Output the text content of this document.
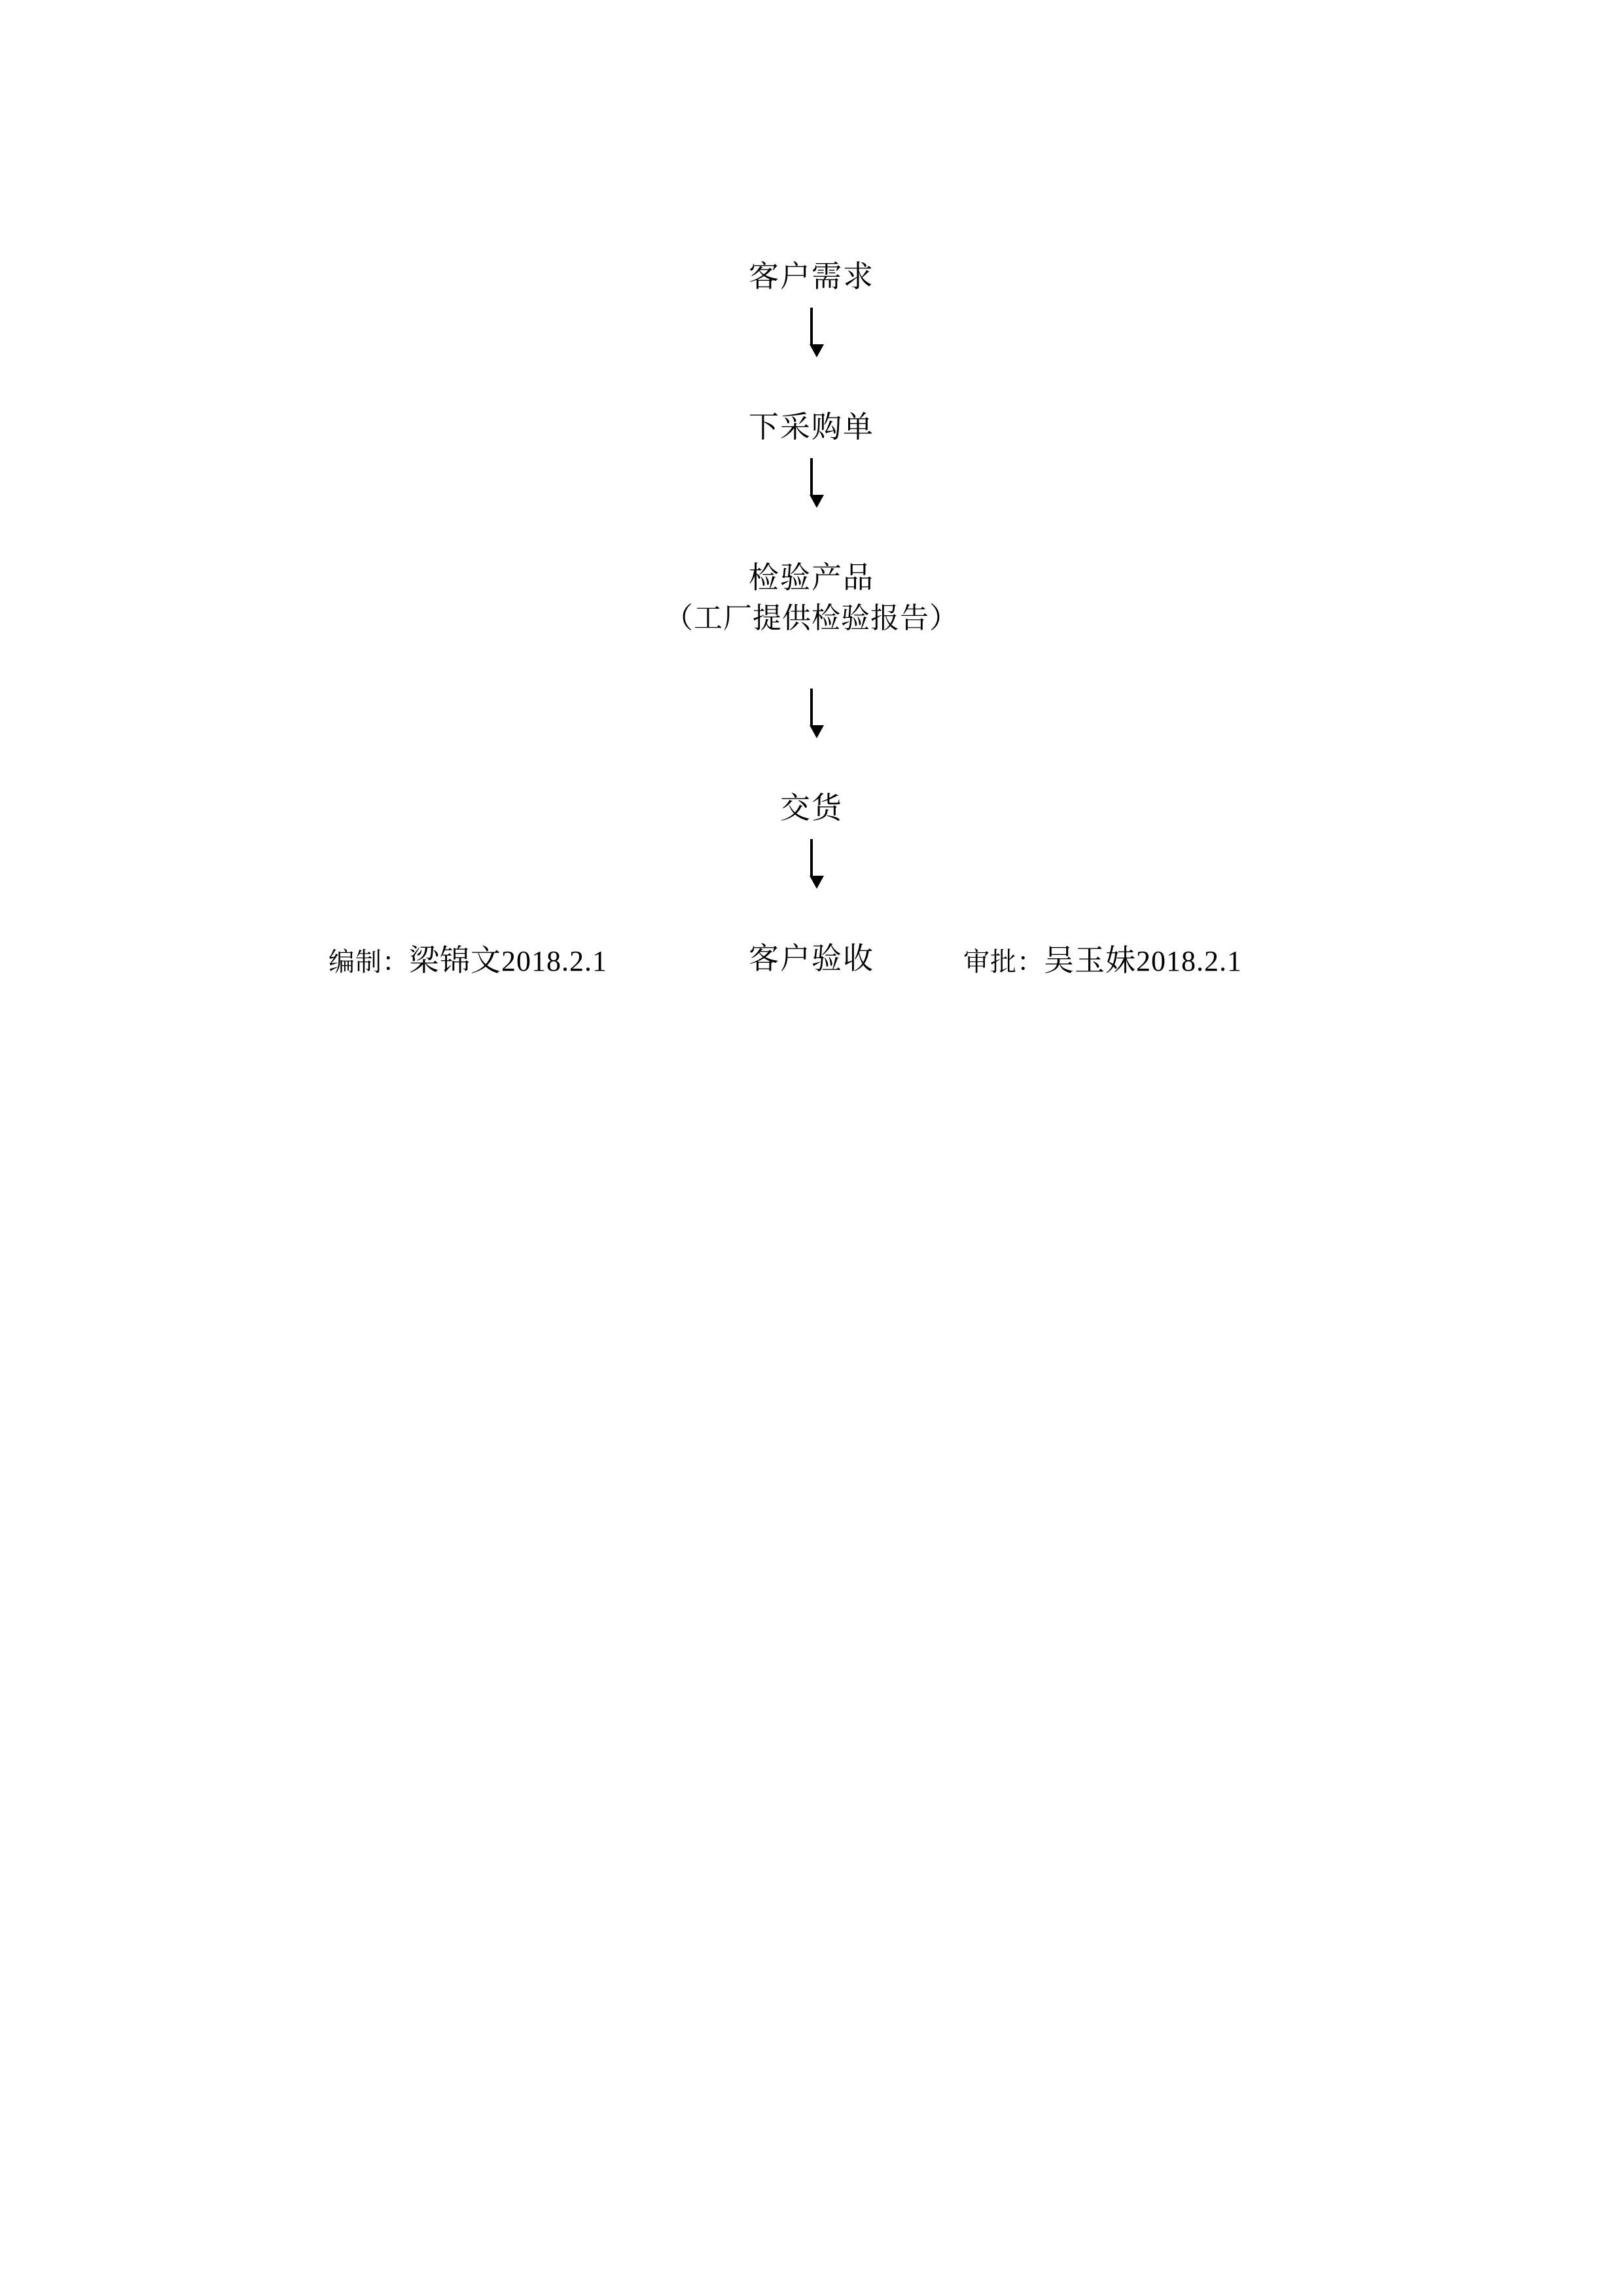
客户需求

下采购单

检验产品

（工厂提供检验报告）

交货

客户验收

编制：梁锦文2018.2.1
	审批：吴玉妹2018.2.1
